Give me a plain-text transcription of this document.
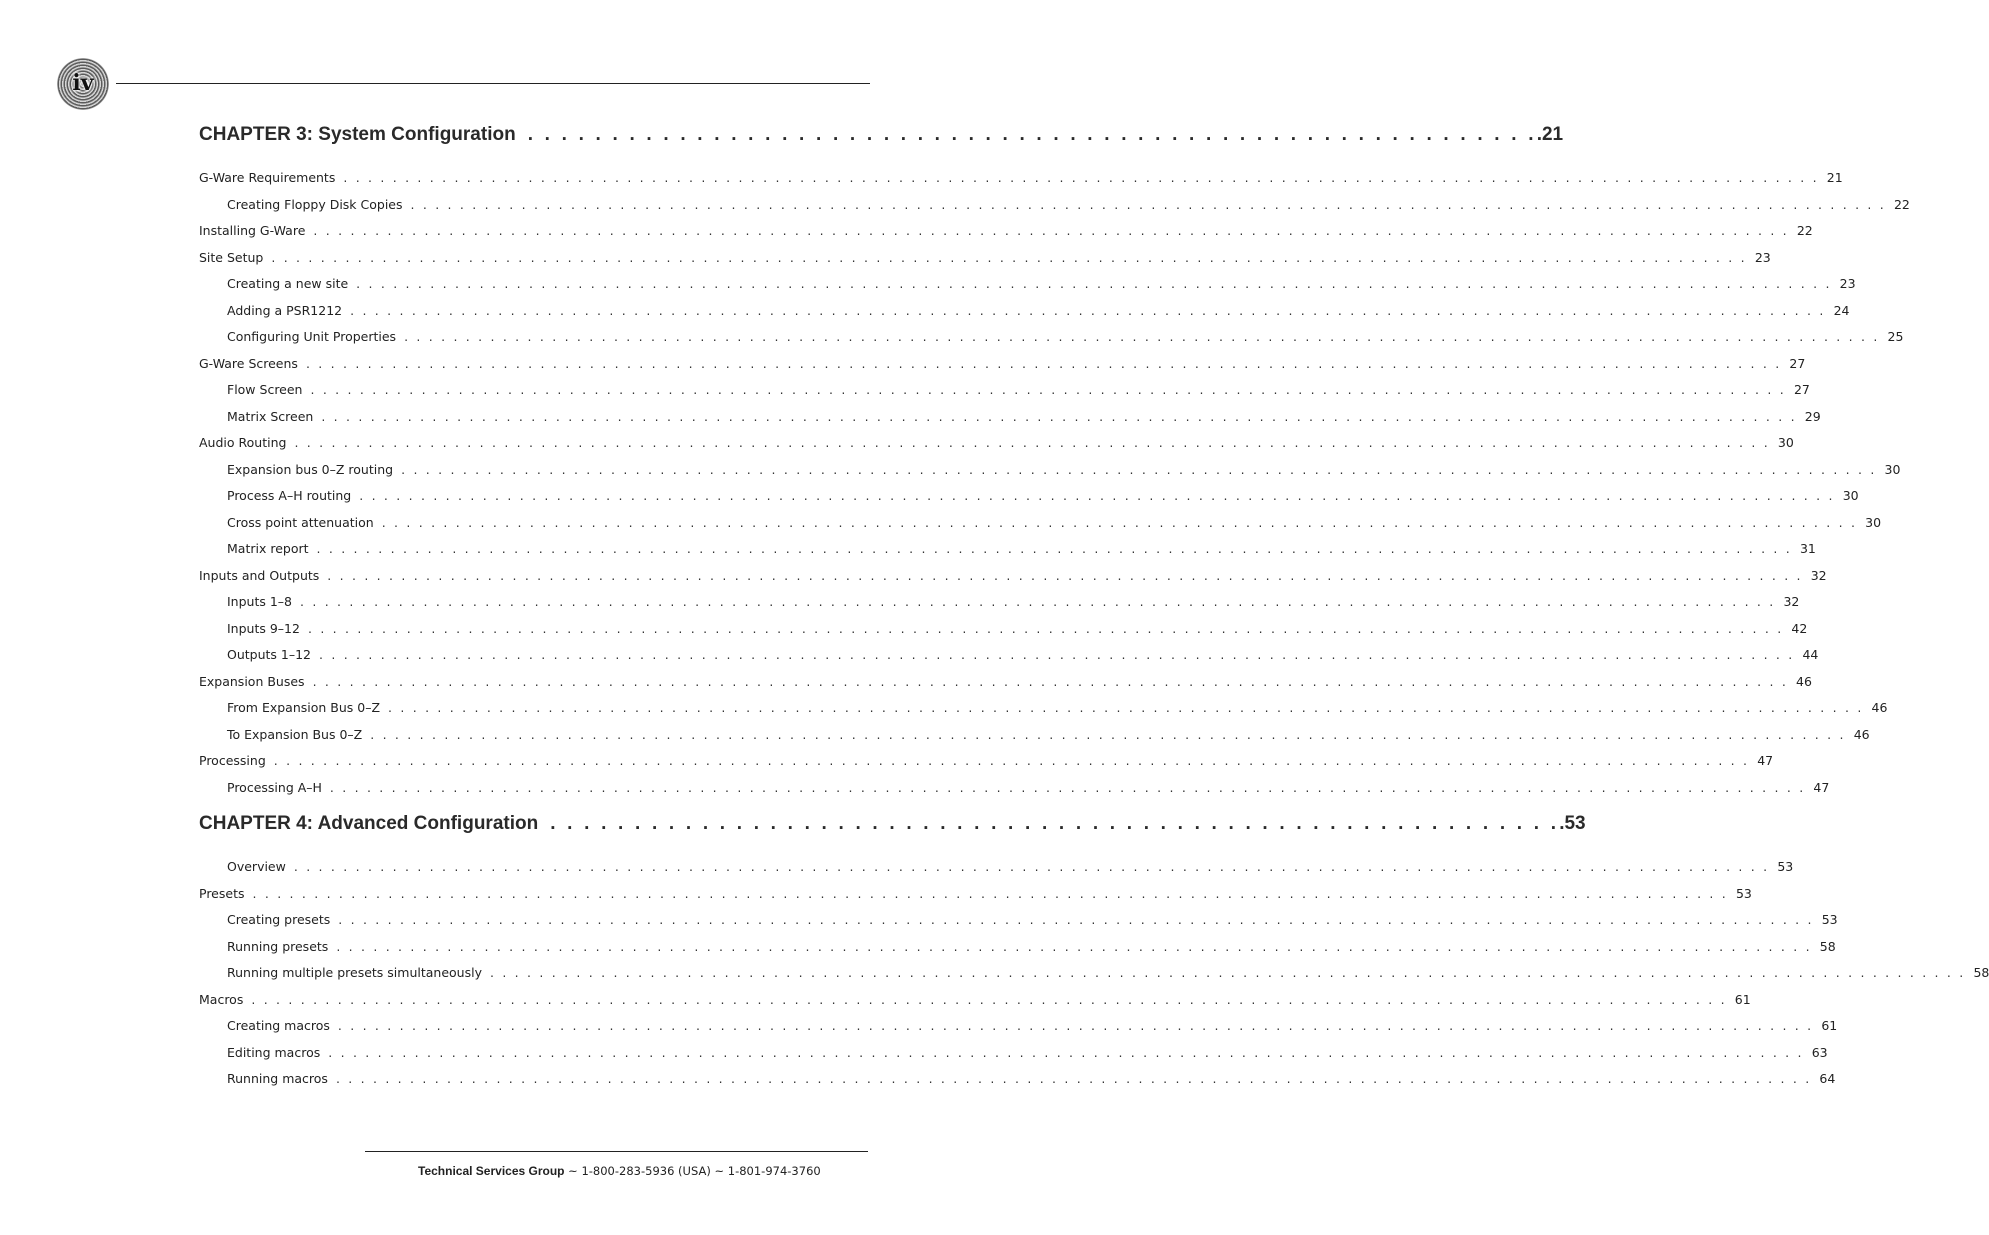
iv
CHAPTER 3: System Configuration . . . . . . . . . . . . . . . . . . . . . . . . . . . . . . . . . . . . . . . . . . . . . . . . . . . . . . . . . . . . .21
G-Ware Requirements . . . . . . . . . . . . . . . . . . . . . . . . . . . . . . . . . . . . . . . . . . . . . . . . . . . . . . . . . . . . . . . . . . . . . . . . . . . . . . . . . . . . . . . . . . . . . . . . . . . . . . . . . . . . . . . . . . . . . . . . 21
Creating Floppy Disk Copies . . . . . . . . . . . . . . . . . . . . . . . . . . . . . . . . . . . . . . . . . . . . . . . . . . . . . . . . . . . . . . . . . . . . . . . . . . . . . . . . . . . . . . . . . . . . . . . . . . . . . . . . . . . . . . . . . . . . . . . . 22
Installing G-Ware . . . . . . . . . . . . . . . . . . . . . . . . . . . . . . . . . . . . . . . . . . . . . . . . . . . . . . . . . . . . . . . . . . . . . . . . . . . . . . . . . . . . . . . . . . . . . . . . . . . . . . . . . . . . . . . . . . . . . . . . 22
Site Setup . . . . . . . . . . . . . . . . . . . . . . . . . . . . . . . . . . . . . . . . . . . . . . . . . . . . . . . . . . . . . . . . . . . . . . . . . . . . . . . . . . . . . . . . . . . . . . . . . . . . . . . . . . . . . . . . . . . . . . . . 23
Creating a new site . . . . . . . . . . . . . . . . . . . . . . . . . . . . . . . . . . . . . . . . . . . . . . . . . . . . . . . . . . . . . . . . . . . . . . . . . . . . . . . . . . . . . . . . . . . . . . . . . . . . . . . . . . . . . . . . . . . . . . . . 23
Adding a PSR1212 . . . . . . . . . . . . . . . . . . . . . . . . . . . . . . . . . . . . . . . . . . . . . . . . . . . . . . . . . . . . . . . . . . . . . . . . . . . . . . . . . . . . . . . . . . . . . . . . . . . . . . . . . . . . . . . . . . . . . . . . 24
Configuring Unit Properties . . . . . . . . . . . . . . . . . . . . . . . . . . . . . . . . . . . . . . . . . . . . . . . . . . . . . . . . . . . . . . . . . . . . . . . . . . . . . . . . . . . . . . . . . . . . . . . . . . . . . . . . . . . . . . . . . . . . . . . . 25
G-Ware Screens . . . . . . . . . . . . . . . . . . . . . . . . . . . . . . . . . . . . . . . . . . . . . . . . . . . . . . . . . . . . . . . . . . . . . . . . . . . . . . . . . . . . . . . . . . . . . . . . . . . . . . . . . . . . . . . . . . . . . . . . 27
Flow Screen . . . . . . . . . . . . . . . . . . . . . . . . . . . . . . . . . . . . . . . . . . . . . . . . . . . . . . . . . . . . . . . . . . . . . . . . . . . . . . . . . . . . . . . . . . . . . . . . . . . . . . . . . . . . . . . . . . . . . . . . 27
Matrix Screen . . . . . . . . . . . . . . . . . . . . . . . . . . . . . . . . . . . . . . . . . . . . . . . . . . . . . . . . . . . . . . . . . . . . . . . . . . . . . . . . . . . . . . . . . . . . . . . . . . . . . . . . . . . . . . . . . . . . . . . . 29
Audio Routing . . . . . . . . . . . . . . . . . . . . . . . . . . . . . . . . . . . . . . . . . . . . . . . . . . . . . . . . . . . . . . . . . . . . . . . . . . . . . . . . . . . . . . . . . . . . . . . . . . . . . . . . . . . . . . . . . . . . . . . . 30
Expansion bus 0–Z routing . . . . . . . . . . . . . . . . . . . . . . . . . . . . . . . . . . . . . . . . . . . . . . . . . . . . . . . . . . . . . . . . . . . . . . . . . . . . . . . . . . . . . . . . . . . . . . . . . . . . . . . . . . . . . . . . . . . . . . . . 30
Process A–H routing . . . . . . . . . . . . . . . . . . . . . . . . . . . . . . . . . . . . . . . . . . . . . . . . . . . . . . . . . . . . . . . . . . . . . . . . . . . . . . . . . . . . . . . . . . . . . . . . . . . . . . . . . . . . . . . . . . . . . . . . 30
Cross point attenuation . . . . . . . . . . . . . . . . . . . . . . . . . . . . . . . . . . . . . . . . . . . . . . . . . . . . . . . . . . . . . . . . . . . . . . . . . . . . . . . . . . . . . . . . . . . . . . . . . . . . . . . . . . . . . . . . . . . . . . . . 30
Matrix report . . . . . . . . . . . . . . . . . . . . . . . . . . . . . . . . . . . . . . . . . . . . . . . . . . . . . . . . . . . . . . . . . . . . . . . . . . . . . . . . . . . . . . . . . . . . . . . . . . . . . . . . . . . . . . . . . . . . . . . . 31
Inputs and Outputs . . . . . . . . . . . . . . . . . . . . . . . . . . . . . . . . . . . . . . . . . . . . . . . . . . . . . . . . . . . . . . . . . . . . . . . . . . . . . . . . . . . . . . . . . . . . . . . . . . . . . . . . . . . . . . . . . . . . . . . . 32
Inputs 1–8 . . . . . . . . . . . . . . . . . . . . . . . . . . . . . . . . . . . . . . . . . . . . . . . . . . . . . . . . . . . . . . . . . . . . . . . . . . . . . . . . . . . . . . . . . . . . . . . . . . . . . . . . . . . . . . . . . . . . . . . . 32
Inputs 9–12 . . . . . . . . . . . . . . . . . . . . . . . . . . . . . . . . . . . . . . . . . . . . . . . . . . . . . . . . . . . . . . . . . . . . . . . . . . . . . . . . . . . . . . . . . . . . . . . . . . . . . . . . . . . . . . . . . . . . . . . . 42
Outputs 1–12 . . . . . . . . . . . . . . . . . . . . . . . . . . . . . . . . . . . . . . . . . . . . . . . . . . . . . . . . . . . . . . . . . . . . . . . . . . . . . . . . . . . . . . . . . . . . . . . . . . . . . . . . . . . . . . . . . . . . . . . . 44
Expansion Buses . . . . . . . . . . . . . . . . . . . . . . . . . . . . . . . . . . . . . . . . . . . . . . . . . . . . . . . . . . . . . . . . . . . . . . . . . . . . . . . . . . . . . . . . . . . . . . . . . . . . . . . . . . . . . . . . . . . . . . . . 46
From Expansion Bus 0–Z . . . . . . . . . . . . . . . . . . . . . . . . . . . . . . . . . . . . . . . . . . . . . . . . . . . . . . . . . . . . . . . . . . . . . . . . . . . . . . . . . . . . . . . . . . . . . . . . . . . . . . . . . . . . . . . . . . . . . . . . 46
To Expansion Bus 0–Z . . . . . . . . . . . . . . . . . . . . . . . . . . . . . . . . . . . . . . . . . . . . . . . . . . . . . . . . . . . . . . . . . . . . . . . . . . . . . . . . . . . . . . . . . . . . . . . . . . . . . . . . . . . . . . . . . . . . . . . . 46
Processing . . . . . . . . . . . . . . . . . . . . . . . . . . . . . . . . . . . . . . . . . . . . . . . . . . . . . . . . . . . . . . . . . . . . . . . . . . . . . . . . . . . . . . . . . . . . . . . . . . . . . . . . . . . . . . . . . . . . . . . . 47
Processing A–H . . . . . . . . . . . . . . . . . . . . . . . . . . . . . . . . . . . . . . . . . . . . . . . . . . . . . . . . . . . . . . . . . . . . . . . . . . . . . . . . . . . . . . . . . . . . . . . . . . . . . . . . . . . . . . . . . . . . . . . . 47
CHAPTER 4: Advanced Configuration . . . . . . . . . . . . . . . . . . . . . . . . . . . . . . . . . . . . . . . . . . . . . . . . . . . . . . . . . . . . .53
Overview . . . . . . . . . . . . . . . . . . . . . . . . . . . . . . . . . . . . . . . . . . . . . . . . . . . . . . . . . . . . . . . . . . . . . . . . . . . . . . . . . . . . . . . . . . . . . . . . . . . . . . . . . . . . . . . . . . . . . . . . 53
Presets . . . . . . . . . . . . . . . . . . . . . . . . . . . . . . . . . . . . . . . . . . . . . . . . . . . . . . . . . . . . . . . . . . . . . . . . . . . . . . . . . . . . . . . . . . . . . . . . . . . . . . . . . . . . . . . . . . . . . . . . 53
Creating presets . . . . . . . . . . . . . . . . . . . . . . . . . . . . . . . . . . . . . . . . . . . . . . . . . . . . . . . . . . . . . . . . . . . . . . . . . . . . . . . . . . . . . . . . . . . . . . . . . . . . . . . . . . . . . . . . . . . . . . . . 53
Running presets . . . . . . . . . . . . . . . . . . . . . . . . . . . . . . . . . . . . . . . . . . . . . . . . . . . . . . . . . . . . . . . . . . . . . . . . . . . . . . . . . . . . . . . . . . . . . . . . . . . . . . . . . . . . . . . . . . . . . . . . 58
Running multiple presets simultaneously . . . . . . . . . . . . . . . . . . . . . . . . . . . . . . . . . . . . . . . . . . . . . . . . . . . . . . . . . . . . . . . . . . . . . . . . . . . . . . . . . . . . . . . . . . . . . . . . . . . . . . . . . . . . . . . . . . . . . . . . 58
Macros . . . . . . . . . . . . . . . . . . . . . . . . . . . . . . . . . . . . . . . . . . . . . . . . . . . . . . . . . . . . . . . . . . . . . . . . . . . . . . . . . . . . . . . . . . . . . . . . . . . . . . . . . . . . . . . . . . . . . . . . 61
Creating macros . . . . . . . . . . . . . . . . . . . . . . . . . . . . . . . . . . . . . . . . . . . . . . . . . . . . . . . . . . . . . . . . . . . . . . . . . . . . . . . . . . . . . . . . . . . . . . . . . . . . . . . . . . . . . . . . . . . . . . . . 61
Editing macros . . . . . . . . . . . . . . . . . . . . . . . . . . . . . . . . . . . . . . . . . . . . . . . . . . . . . . . . . . . . . . . . . . . . . . . . . . . . . . . . . . . . . . . . . . . . . . . . . . . . . . . . . . . . . . . . . . . . . . . . 63
Running macros . . . . . . . . . . . . . . . . . . . . . . . . . . . . . . . . . . . . . . . . . . . . . . . . . . . . . . . . . . . . . . . . . . . . . . . . . . . . . . . . . . . . . . . . . . . . . . . . . . . . . . . . . . . . . . . . . . . . . . . . 64
Technical Services Group ~ 1-800-283-5936 (USA) ~ 1-801-974-3760
